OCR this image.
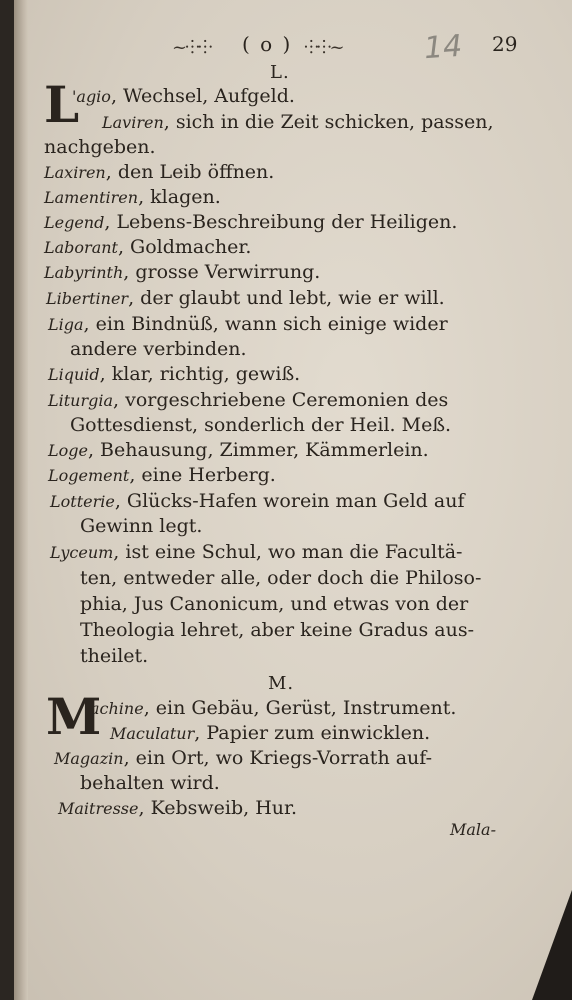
~⸭⸭ ( o ) ⸭⸭~	14 29
L.
L
'agio, Wechsel, Aufgeld.
Laviren, sich in die Zeit schicken, passen,
nachgeben.
Laxiren, den Leib öffnen.
Lamentiren, klagen.
Legend, Lebens-Beschreibung der Heiligen.
Laborant, Goldmacher.
Labyrinth, grosse Verwirrung.
Libertiner, der glaubt und lebt, wie er will.
Liga, ein Bindnüß, wann sich einige wider
andere verbinden.
Liquid, klar, richtig, gewiß.
Liturgia, vorgeschriebene Ceremonien des
Gottesdienst, sonderlich der Heil. Meß.
Loge, Behausung, Zimmer, Kämmerlein.
Logement, eine Herberg.
Lotterie, Glücks-Hafen worein man Geld auf
Gewinn legt.
Lyceum, ist eine Schul, wo man die Facultä-
ten, entweder alle, oder doch die Philoso-
phia, Jus Canonicum, und etwas von der
Theologia lehret, aber keine Gradus aus-
theilet.
M.
M
achine, ein Gebäu, Gerüst, Instrument.
Maculatur, Papier zum einwicklen.
Magazin, ein Ort, wo Kriegs-Vorrath auf-
behalten wird.
Maitresse, Kebsweib, Hur.
Mala-
